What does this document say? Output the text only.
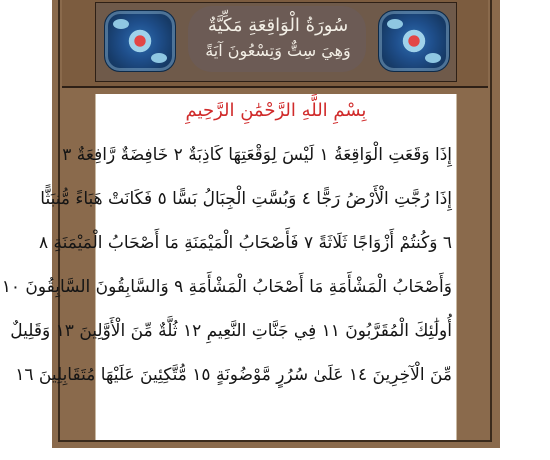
سُورَةُ الْوَاقِعَةِ مَكِّيَّةٌ
وَهِيَ سِتٌّ وَتِسْعُونَ آيَةً
بِسْمِ اللَّهِ الرَّحْمَٰنِ الرَّحِيمِ
إِذَا وَقَعَتِ الْوَاقِعَةُ ١ لَيْسَ لِوَقْعَتِهَا كَاذِبَةٌ ٢ خَافِضَةٌ رَّافِعَةٌ ٣
إِذَا رُجَّتِ الْأَرْضُ رَجًّا ٤ وَبُسَّتِ الْجِبَالُ بَسًّا ٥ فَكَانَتْ هَبَاءً مُّنبَثًّا
٦ وَكُنتُمْ أَزْوَاجًا ثَلَاثَةً ٧ فَأَصْحَابُ الْمَيْمَنَةِ مَا أَصْحَابُ الْمَيْمَنَةِ ٨
وَأَصْحَابُ الْمَشْأَمَةِ مَا أَصْحَابُ الْمَشْأَمَةِ ٩ وَالسَّابِقُونَ السَّابِقُونَ ١٠
أُولَٰئِكَ الْمُقَرَّبُونَ ١١ فِي جَنَّاتِ النَّعِيمِ ١٢ ثُلَّةٌ مِّنَ الْأَوَّلِينَ ١٣ وَقَلِيلٌ
مِّنَ الْآخِرِينَ ١٤ عَلَىٰ سُرُرٍ مَّوْضُونَةٍ ١٥ مُّتَّكِئِينَ عَلَيْهَا مُتَقَابِلِينَ ١٦
